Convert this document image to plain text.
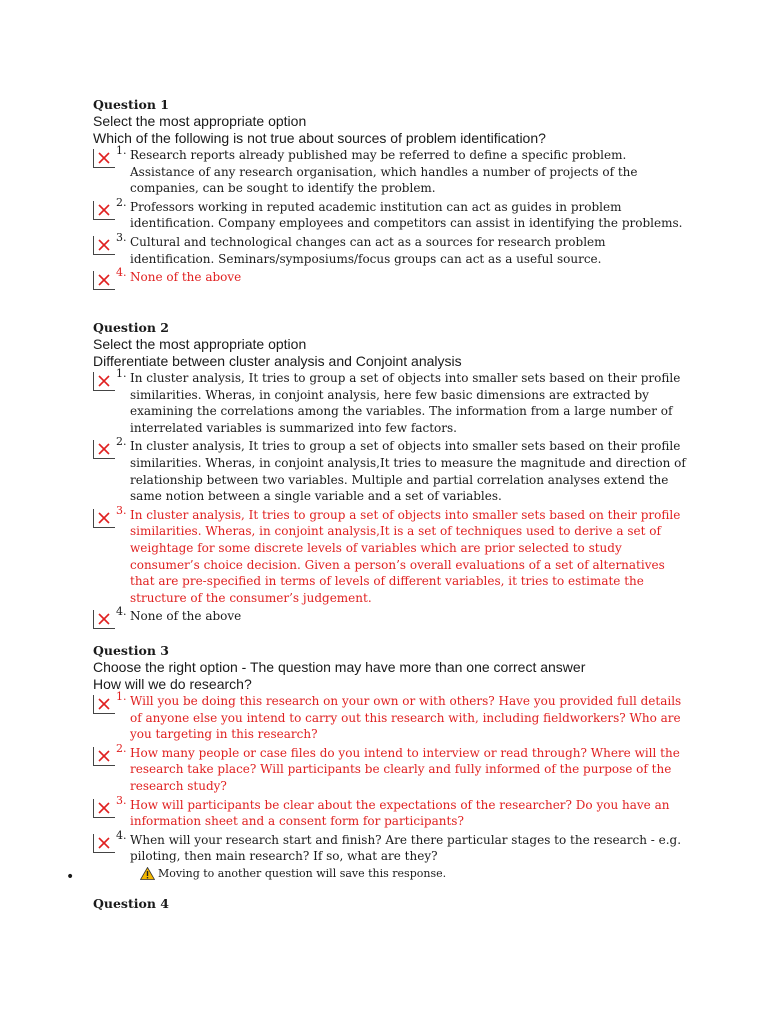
Question 1
Select the most appropriate option
Which of the following is not true about sources of problem identification?
1. Research reports already published may be referred to define a specific problem. Assistance of any research organisation, which handles a number of projects of the companies, can be sought to identify the problem.
2. Professors working in reputed academic institution can act as guides in problem identification. Company employees and competitors can assist in identifying the problems.
3. Cultural and technological changes can act as a sources for research problem identification. Seminars/symposiums/focus groups can act as a useful source.
4. None of the above
Question 2
Select the most appropriate option
Differentiate between cluster analysis and Conjoint analysis
1. In cluster analysis, It tries to group a set of objects into smaller sets based on their profile similarities. Wheras, in conjoint analysis, here few basic dimensions are extracted by examining the correlations among the variables. The information from a large number of interrelated variables is summarized into few factors.
2. In cluster analysis, It tries to group a set of objects into smaller sets based on their profile similarities. Wheras, in conjoint analysis,It tries to measure the magnitude and direction of relationship between two variables. Multiple and partial correlation analyses extend the same notion between a single variable and a set of variables.
3. In cluster analysis, It tries to group a set of objects into smaller sets based on their profile similarities. Wheras, in conjoint analysis,It is a set of techniques used to derive a set of weightage for some discrete levels of variables which are prior selected to study consumer’s choice decision. Given a person’s overall evaluations of a set of alternatives that are pre-specified in terms of levels of different variables, it tries to estimate the structure of the consumer’s judgement.
4. None of the above
Question 3
Choose the right option - The question may have more than one correct answer
How will we do research?
1. Will you be doing this research on your own or with others? Have you provided full details of anyone else you intend to carry out this research with, including fieldworkers? Who are you targeting in this research?
2. How many people or case files do you intend to interview or read through? Where will the research take place? Will participants be clearly and fully informed of the purpose of the research study?
3. How will participants be clear about the expectations of the researcher? Do you have an information sheet and a consent form for participants?
4. When will your research start and finish? Are there particular stages to the research - e.g. piloting, then main research? If so, what are they?
•	Moving to another question will save this response.
Question 4
